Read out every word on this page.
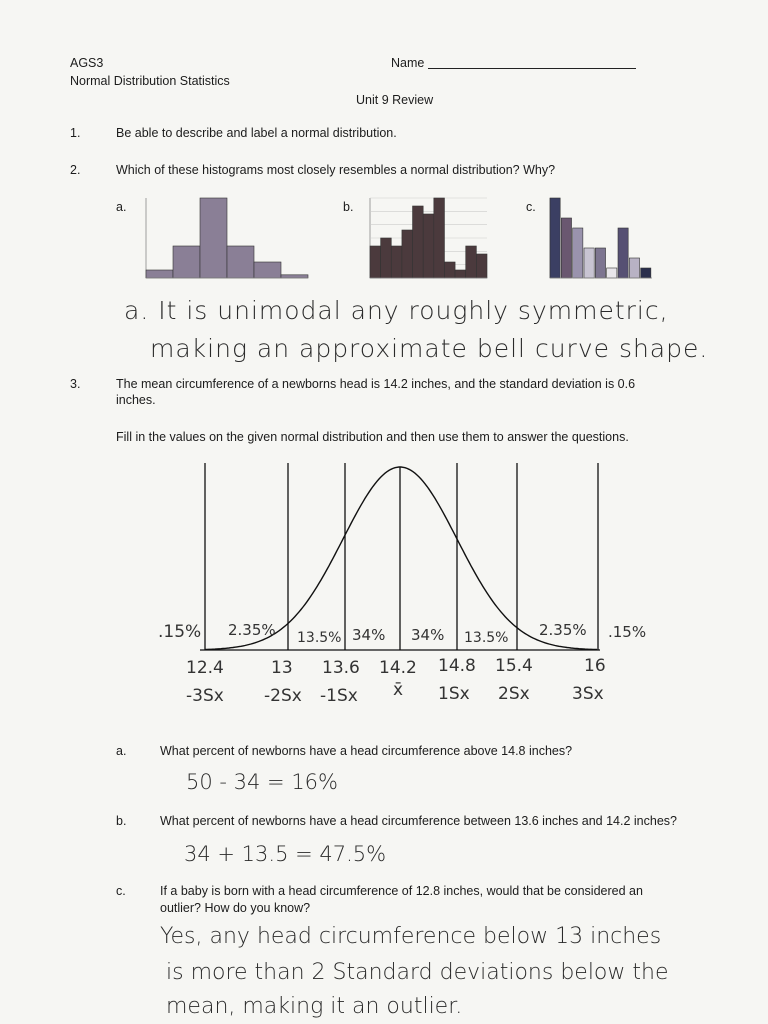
AGS3
Normal Distribution Statistics
Name
Unit 9 Review
1.	Be able to describe and label a normal distribution.
2.	Which of these histograms most closely resembles a normal distribution? Why?
a.	b.	c.
a. It is unimodal any roughly symmetric,
making an approximate bell curve shape.
3.	The mean circumference of a newborns head is 14.2 inches, and the standard deviation is 0.6
inches.
Fill in the values on the given normal distribution and then use them to answer the questions.
.15% 2.35% 13.5% 34% 34% 13.5% 2.35% .15%
12.4	13 13.6 14.2 14.8 15.4	16
-3Sx -2Sx -1Sx x̄ 1Sx 2Sx 3Sx
a.	What percent of newborns have a head circumference above 14.8 inches?
50 - 34 = 16%
b.	What percent of newborns have a head circumference between 13.6 inches and 14.2 inches?
34 + 13.5 = 47.5%
c.	If a baby is born with a head circumference of 12.8 inches, would that be considered an
outlier? How do you know?
Yes, any head circumference below 13 inches
is more than 2 Standard deviations below the
mean, making it an outlier.
